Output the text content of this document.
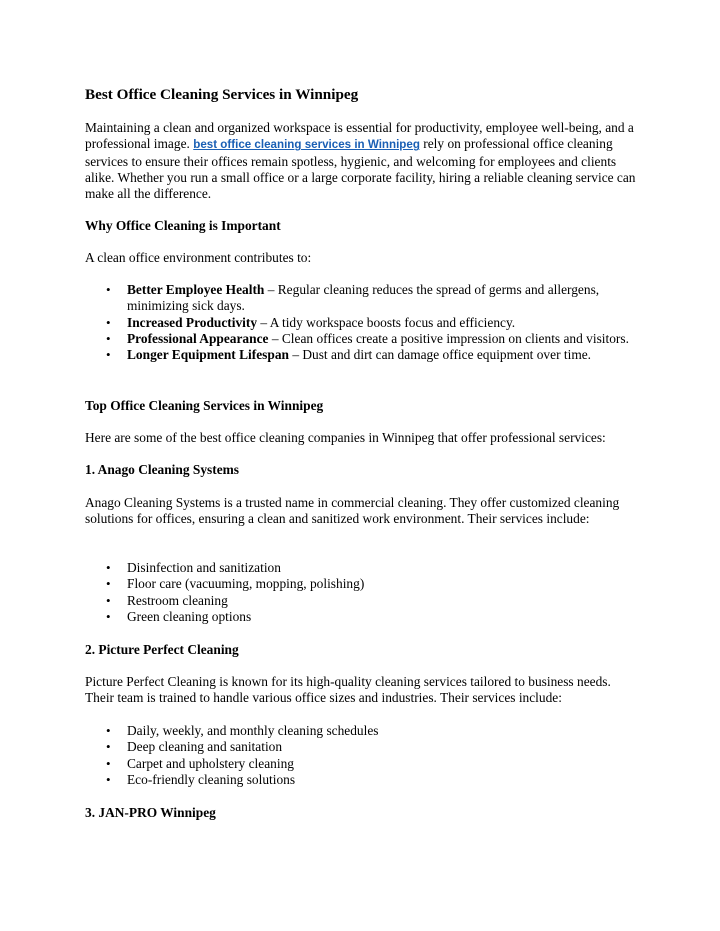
Best Office Cleaning Services in Winnipeg

Maintaining a clean and organized workspace is essential for productivity, employee well-being, and a professional image. best office cleaning services in Winnipeg rely on professional office cleaning services to ensure their offices remain spotless, hygienic, and welcoming for employees and clients alike. Whether you run a small office or a large corporate facility, hiring a reliable cleaning service can make all the difference.

Why Office Cleaning is Important

A clean office environment contributes to:

• Better Employee Health – Regular cleaning reduces the spread of germs and allergens, minimizing sick days.
• Increased Productivity – A tidy workspace boosts focus and efficiency.
• Professional Appearance – Clean offices create a positive impression on clients and visitors.
• Longer Equipment Lifespan – Dust and dirt can damage office equipment over time.
Top Office Cleaning Services in Winnipeg

Here are some of the best office cleaning companies in Winnipeg that offer professional services:

1. Anago Cleaning Systems

Anago Cleaning Systems is a trusted name in commercial cleaning. They offer customized cleaning solutions for offices, ensuring a clean and sanitized work environment. Their services include:

• Disinfection and sanitization
• Floor care (vacuuming, mopping, polishing)
• Restroom cleaning
• Green cleaning options
2. Picture Perfect Cleaning

Picture Perfect Cleaning is known for its high-quality cleaning services tailored to business needs. Their team is trained to handle various office sizes and industries. Their services include:

• Daily, weekly, and monthly cleaning schedules
• Deep cleaning and sanitation
• Carpet and upholstery cleaning
• Eco-friendly cleaning solutions
3. JAN-PRO Winnipeg
